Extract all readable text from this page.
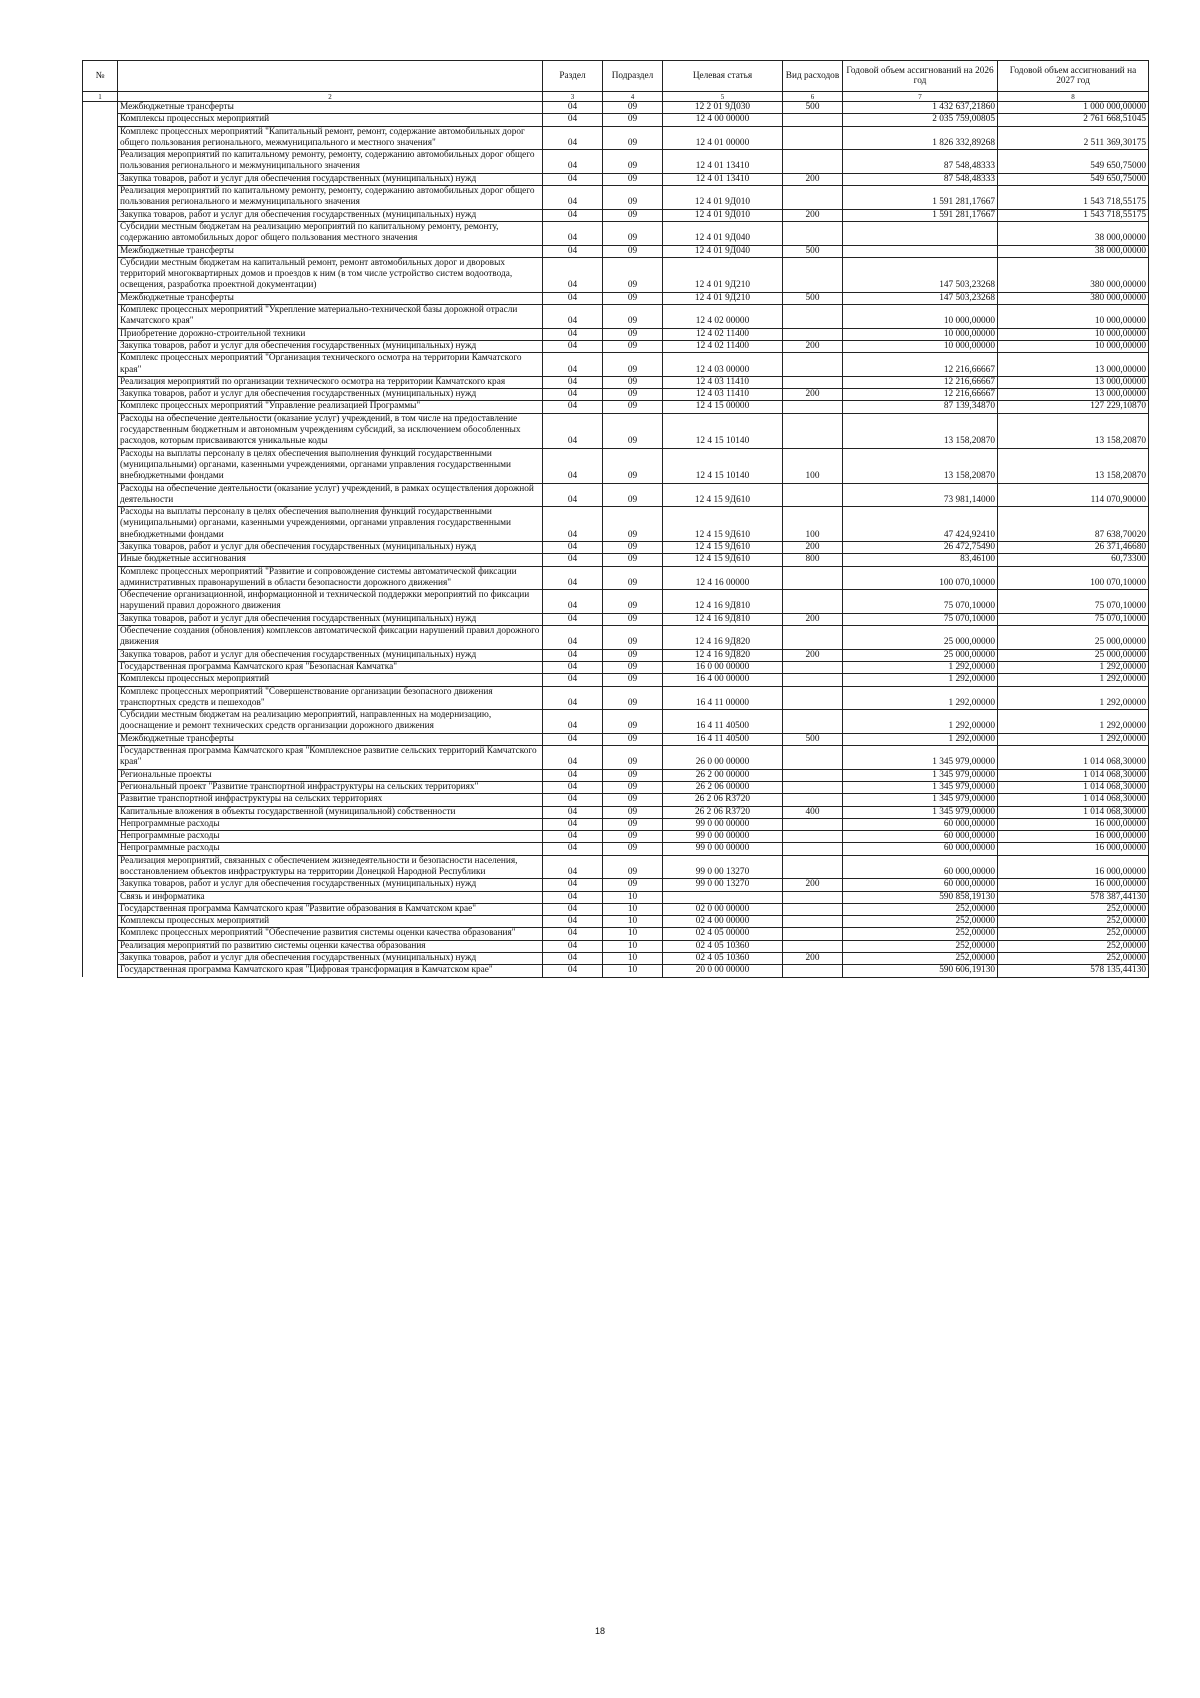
№		Раздел	Подраздел	Целевая статья	Вид расходов	Годовой объем ассигнований на 2026 год	Годовой объем ассигнований на 2027 год
1	2	3	4	5	6	7	8
	Межбюджетные трансферты	04	09	12 2 01 9Д030	500	1 432 637,21860	1 000 000,00000
	Комплексы процессных мероприятий	04	09	12 4 00 00000		2 035 759,00805	2 761 668,51045
	Комплекс процессных мероприятий "Капитальный ремонт, ремонт, содержание автомобильных дорог общего пользования регионального, межмуниципального и местного значения"	04	09	12 4 01 00000		1 826 332,89268	2 511 369,30175
	Реализация мероприятий по капитальному ремонту, ремонту, содержанию автомобильных дорог общего пользования регионального и межмуниципального значения	04	09	12 4 01 13410		87 548,48333	549 650,75000
	Закупка товаров, работ и услуг для обеспечения государственных (муниципальных) нужд	04	09	12 4 01 13410	200	87 548,48333	549 650,75000
	Реализация мероприятий по капитальному ремонту, ремонту, содержанию автомобильных дорог общего пользования регионального и межмуниципального значения	04	09	12 4 01 9Д010		1 591 281,17667	1 543 718,55175
	Закупка товаров, работ и услуг для обеспечения государственных (муниципальных) нужд	04	09	12 4 01 9Д010	200	1 591 281,17667	1 543 718,55175
	Субсидии местным бюджетам на реализацию мероприятий по капитальному ремонту, ремонту, содержанию автомобильных дорог общего пользования местного значения	04	09	12 4 01 9Д040			38 000,00000
	Межбюджетные трансферты	04	09	12 4 01 9Д040	500		38 000,00000
	Субсидии местным бюджетам на капитальный ремонт, ремонт автомобильных дорог и дворовых территорий многоквартирных домов и проездов к ним (в том числе устройство систем водоотвода, освещения, разработка проектной документации)	04	09	12 4 01 9Д210		147 503,23268	380 000,00000
	Межбюджетные трансферты	04	09	12 4 01 9Д210	500	147 503,23268	380 000,00000
	Комплекс процессных мероприятий "Укрепление материально-технической базы дорожной отрасли Камчатского края"	04	09	12 4 02 00000		10 000,00000	10 000,00000
	Приобретение дорожно-строительной техники	04	09	12 4 02 11400		10 000,00000	10 000,00000
	Закупка товаров, работ и услуг для обеспечения государственных (муниципальных) нужд	04	09	12 4 02 11400	200	10 000,00000	10 000,00000
	Комплекс процессных мероприятий "Организация технического осмотра на территории Камчатского края"	04	09	12 4 03 00000		12 216,66667	13 000,00000
	Реализация мероприятий по организации технического осмотра на территории Камчатского края	04	09	12 4 03 11410		12 216,66667	13 000,00000
	Закупка товаров, работ и услуг для обеспечения государственных (муниципальных) нужд	04	09	12 4 03 11410	200	12 216,66667	13 000,00000
	Комплекс процессных мероприятий "Управление реализацией Программы"	04	09	12 4 15 00000		87 139,34870	127 229,10870
	Расходы на обеспечение деятельности (оказание услуг) учреждений, в том числе на предоставление государственным бюджетным и автономным учреждениям субсидий, за исключением обособленных расходов, которым присваиваются уникальные коды	04	09	12 4 15 10140		13 158,20870	13 158,20870
	Расходы на выплаты персоналу в целях обеспечения выполнения функций государственными (муниципальными) органами, казенными учреждениями, органами управления государственными внебюджетными фондами	04	09	12 4 15 10140	100	13 158,20870	13 158,20870
	Расходы на обеспечение деятельности (оказание услуг) учреждений, в рамках осуществления дорожной деятельности	04	09	12 4 15 9Д610		73 981,14000	114 070,90000
	Расходы на выплаты персоналу в целях обеспечения выполнения функций государственными (муниципальными) органами, казенными учреждениями, органами управления государственными внебюджетными фондами	04	09	12 4 15 9Д610	100	47 424,92410	87 638,70020
	Закупка товаров, работ и услуг для обеспечения государственных (муниципальных) нужд	04	09	12 4 15 9Д610	200	26 472,75490	26 371,46680
	Иные бюджетные ассигнования	04	09	12 4 15 9Д610	800	83,46100	60,73300
	Комплекс процессных мероприятий "Развитие и сопровождение системы автоматической фиксации административных правонарушений в области безопасности дорожного движения"	04	09	12 4 16 00000		100 070,10000	100 070,10000
	Обеспечение организационной, информационной и технической поддержки мероприятий по фиксации нарушений правил дорожного движения	04	09	12 4 16 9Д810		75 070,10000	75 070,10000
	Закупка товаров, работ и услуг для обеспечения государственных (муниципальных) нужд	04	09	12 4 16 9Д810	200	75 070,10000	75 070,10000
	Обеспечение создания (обновления) комплексов автоматической фиксации нарушений правил дорожного движения	04	09	12 4 16 9Д820		25 000,00000	25 000,00000
	Закупка товаров, работ и услуг для обеспечения государственных (муниципальных) нужд	04	09	12 4 16 9Д820	200	25 000,00000	25 000,00000
	Государственная программа Камчатского края "Безопасная Камчатка"	04	09	16 0 00 00000		1 292,00000	1 292,00000
	Комплексы процессных мероприятий	04	09	16 4 00 00000		1 292,00000	1 292,00000
	Комплекс процессных мероприятий "Совершенствование организации безопасного движения транспортных средств и пешеходов"	04	09	16 4 11 00000		1 292,00000	1 292,00000
	Субсидии местным бюджетам на реализацию мероприятий, направленных на модернизацию, дооснащение и ремонт технических средств организации дорожного движения	04	09	16 4 11 40500		1 292,00000	1 292,00000
	Межбюджетные трансферты	04	09	16 4 11 40500	500	1 292,00000	1 292,00000
	Государственная программа Камчатского края "Комплексное развитие сельских территорий Камчатского края"	04	09	26 0 00 00000		1 345 979,00000	1 014 068,30000
	Региональные проекты	04	09	26 2 00 00000		1 345 979,00000	1 014 068,30000
	Региональный проект "Развитие транспортной инфраструктуры на сельских территориях"	04	09	26 2 06 00000		1 345 979,00000	1 014 068,30000
	Развитие транспортной инфраструктуры на сельских территориях	04	09	26 2 06 R3720		1 345 979,00000	1 014 068,30000
	Капитальные вложения в объекты государственной (муниципальной) собственности	04	09	26 2 06 R3720	400	1 345 979,00000	1 014 068,30000
	Непрограммные расходы	04	09	99 0 00 00000		60 000,00000	16 000,00000
	Непрограммные расходы	04	09	99 0 00 00000		60 000,00000	16 000,00000
	Непрограммные расходы	04	09	99 0 00 00000		60 000,00000	16 000,00000
	Реализация мероприятий, связанных с обеспечением жизнедеятельности и безопасности населения, восстановлением объектов инфраструктуры на территории Донецкой Народной Республики	04	09	99 0 00 13270		60 000,00000	16 000,00000
	Закупка товаров, работ и услуг для обеспечения государственных (муниципальных) нужд	04	09	99 0 00 13270	200	60 000,00000	16 000,00000
	Связь и информатика	04	10			590 858,19130	578 387,44130
	Государственная программа Камчатского края "Развитие образования в Камчатском крае"	04	10	02 0 00 00000		252,00000	252,00000
	Комплексы процессных мероприятий	04	10	02 4 00 00000		252,00000	252,00000
	Комплекс процессных мероприятий "Обеспечение развития системы оценки качества образования"	04	10	02 4 05 00000		252,00000	252,00000
	Реализация мероприятий по развитию системы оценки качества образования	04	10	02 4 05 10360		252,00000	252,00000
	Закупка товаров, работ и услуг для обеспечения государственных (муниципальных) нужд	04	10	02 4 05 10360	200	252,00000	252,00000
	Государственная программа Камчатского края "Цифровая трансформация в Камчатском крае"	04	10	20 0 00 00000		590 606,19130	578 135,44130
18
